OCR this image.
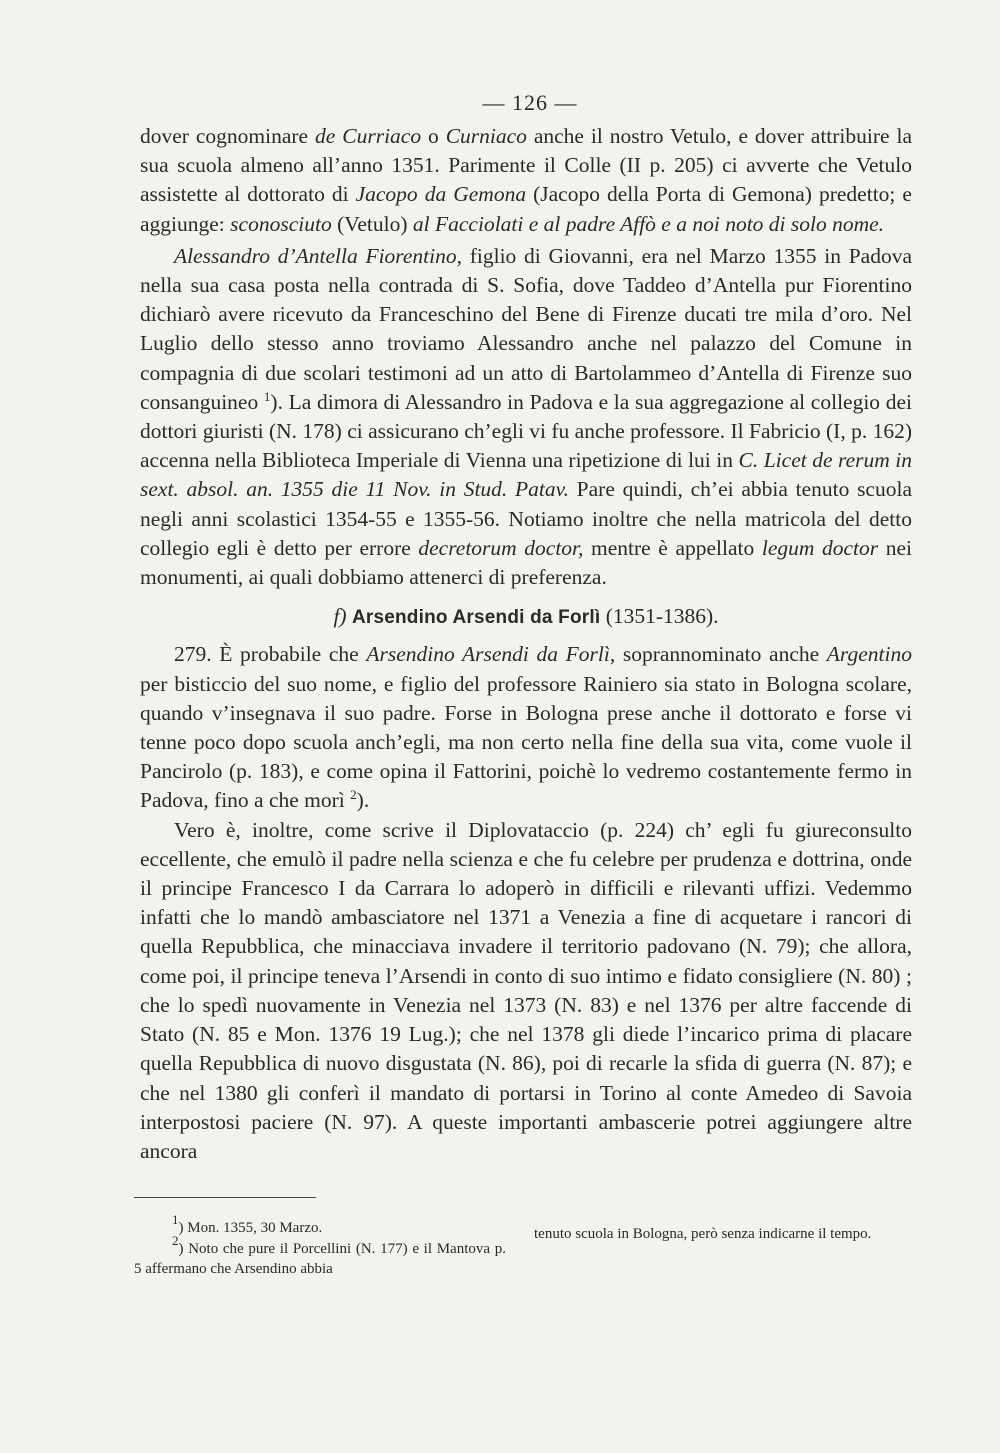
— 126 —

dover cognominare de Curriaco o Curniaco anche il nostro Vetulo, e dover attribuire la sua scuola almeno all’anno 1351. Parimente il Colle (II p. 205) ci avverte che Vetulo assistette al dottorato di Jacopo da Gemona (Jacopo della Porta di Gemona) predetto; e aggiunge: sconosciuto (Vetulo) al Facciolati e al padre Affò e a noi noto di solo nome.

Alessandro d’Antella Fiorentino, figlio di Giovanni, era nel Marzo 1355 in Padova nella sua casa posta nella contrada di S. Sofia, dove Taddeo d’Antella pur Fiorentino dichiarò avere ricevuto da Franceschino del Bene di Firenze ducati tre mila d’oro. Nel Luglio dello stesso anno troviamo Alessandro anche nel palazzo del Comune in compagnia di due scolari testimoni ad un atto di Bartolammeo d’Antella di Firenze suo consanguineo $^1$). La dimora di Alessandro in Padova e la sua aggregazione al collegio dei dottori giuristi (N. 178) ci assicurano ch’egli vi fu anche professore. Il Fabricio (I, p. 162) accenna nella Biblioteca Imperiale di Vienna una ripetizione di lui in C. Licet de rerum in sext. absol. an. 1355 die 11 Nov. in Stud. Patav. Pare quindi, ch’ei abbia tenuto scuola negli anni scolastici 1354-55 e 1355-56. Notiamo inoltre che nella matricola del detto collegio egli è detto per errore decretorum doctor, mentre è appellato legum doctor nei monumenti, ai quali dobbiamo attenerci di preferenza.

f) Arsendino Arsendi da Forlì (1351-1386).

279. È probabile che Arsendino Arsendi da Forlì, soprannominato anche Argentino per bisticcio del suo nome, e figlio del professore Rainiero sia stato in Bologna scolare, quando v’insegnava il suo padre. Forse in Bologna prese anche il dottorato e forse vi tenne poco dopo scuola anch’egli, ma non certo nella fine della sua vita, come vuole il Pancirolo (p. 183), e come opina il Fattorini, poichè lo vedremo costantemente fermo in Padova, fino a che morì $^2$).

Vero è, inoltre, come scrive il Diplovataccio (p. 224) ch’ egli fu giureconsulto eccellente, che emulò il padre nella scienza e che fu celebre per prudenza e dottrina, onde il principe Francesco I da Carrara lo adoperò in difficili e rilevanti uffizi. Vedemmo infatti che lo mandò ambasciatore nel 1371 a Venezia a fine di acquetare i rancori di quella Repubblica, che minacciava invadere il territorio padovano (N. 79); che allora, come poi, il principe teneva l’Arsendi in conto di suo intimo e fidato consigliere (N. 80) ; che lo spedì nuovamente in Venezia nel 1373 (N. 83) e nel 1376 per altre faccende di Stato (N. 85 e Mon. 1376 19 Lug.); che nel 1378 gli diede l’incarico prima di placare quella Repubblica di nuovo disgustata (N. 86), poi di recarle la sfida di guerra (N. 87); e che nel 1380 gli conferì il mandato di portarsi in Torino al conte Amedeo di Savoia interpostosi paciere (N. 97). A queste importanti ambascerie potrei aggiungere altre ancora

$^1$) Mon. 1355, 30 Marzo.

$^2$) Noto che pure il Porcellini (N. 177) e il Mantova p. 5 affermano che Arsendino abbia

tenuto scuola in Bologna, però senza indicarne il tempo.
